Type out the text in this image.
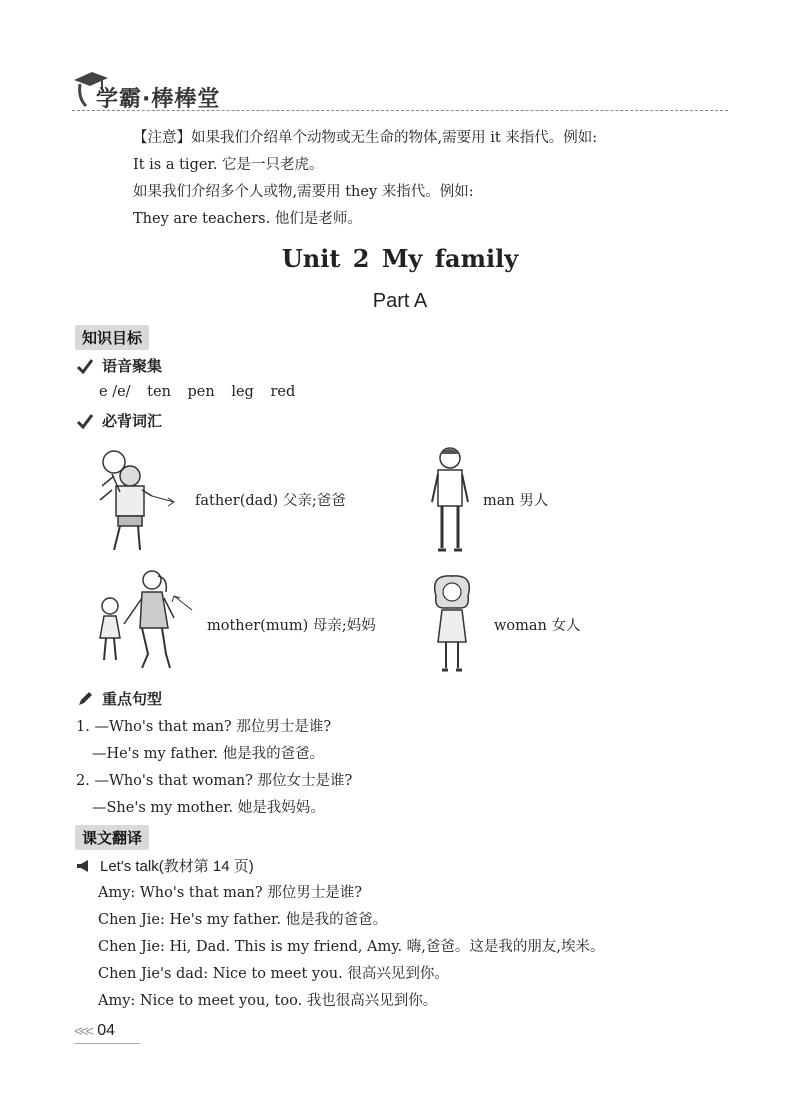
学霸·棒棒堂
【注意】如果我们介绍单个动物或无生命的物体,需要用 it 来指代。例如:
It is a tiger. 它是一只老虎。
如果我们介绍多个人或物,需要用 they 来指代。例如:
They are teachers. 他们是老师。
Unit 2 My family
Part A
知识目标
语音聚集
e /e/ ten pen leg red
必背词汇
father(dad) 父亲;爸爸	man 男人
mother(mum) 母亲;妈妈	woman 女人
重点句型
1. —Who's that man? 那位男士是谁?
—He's my father. 他是我的爸爸。
2. —Who's that woman? 那位女士是谁?
—She's my mother. 她是我妈妈。
课文翻译
Let's talk(教材第 14 页)
Amy: Who's that man? 那位男士是谁?
Chen Jie: He's my father. 他是我的爸爸。
Chen Jie: Hi, Dad. This is my friend, Amy. 嗨,爸爸。这是我的朋友,埃米。
Chen Jie's dad: Nice to meet you. 很高兴见到你。
Amy: Nice to meet you, too. 我也很高兴见到你。
<<< 04
